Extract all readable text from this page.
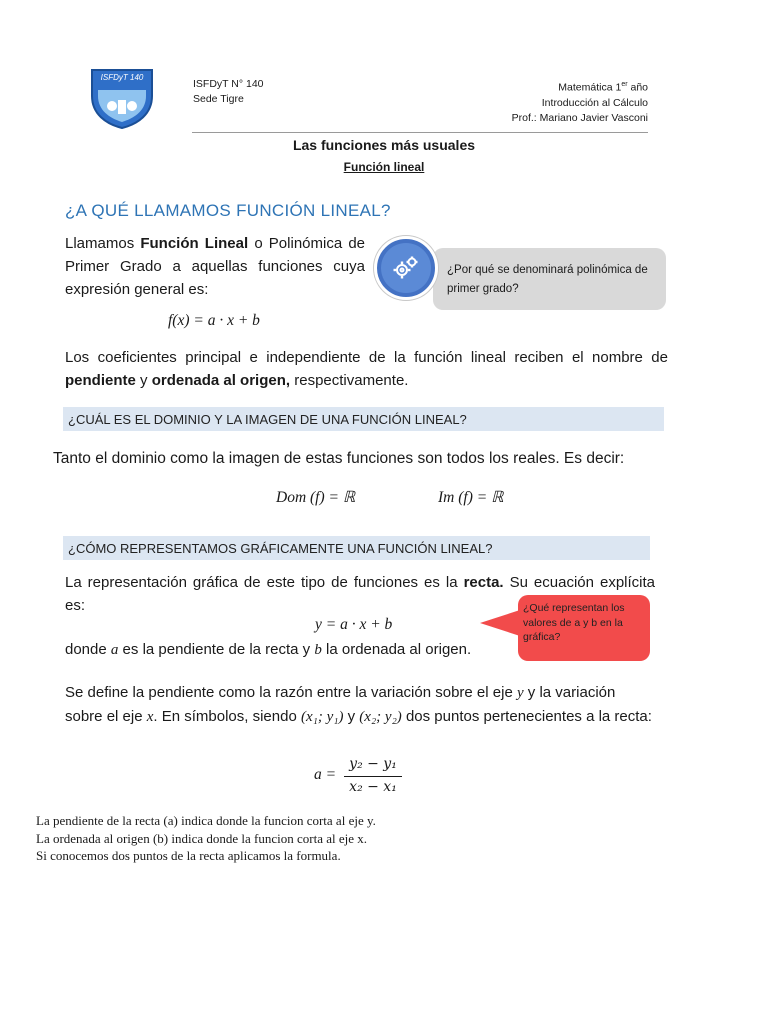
ISFDyT 140
ISFDyT N° 140
Sede Tigre
Matemática 1er año
Introducción al Cálculo
Prof.: Mariano Javier Vasconi
Las funciones más usuales
Función lineal
¿A QUÉ LLAMAMOS FUNCIÓN LINEAL?
Llamamos Función Lineal o Polinómica de Primer Grado a aquellas funciones cuya expresión general es:
¿Por qué se denominará polinómica de primer grado?
f(x) = a · x + b
Los coeficientes principal e independiente de la función lineal reciben el nombre de pendiente y ordenada al origen, respectivamente.
¿CUÁL ES EL DOMINIO Y LA IMAGEN DE UNA FUNCIÓN LINEAL?
Tanto el dominio como la imagen de estas funciones son todos los reales. Es decir:
Dom (f) = ℝ	Im (f) = ℝ
¿CÓMO REPRESENTAMOS GRÁFICAMENTE UNA FUNCIÓN LINEAL?
La representación gráfica de este tipo de funciones es la recta. Su ecuación explícita es:
y = a · x + b
donde a es la pendiente de la recta y b la ordenada al origen.
¿Qué representan los valores de a y b en la gráfica?
Se define la pendiente como la razón entre la variación sobre el eje y y la variación sobre el eje x. En símbolos, siendo (x₁; y₁) y (x₂; y₂) dos puntos pertenecientes a la recta:
a =
y₂ − y₁
x₂ − x₁
La pendiente de la recta (a) indica donde la funcion corta al eje y.
La ordenada al origen (b) indica donde la funcion corta al eje x.
Si conocemos dos puntos de la recta aplicamos la formula.
